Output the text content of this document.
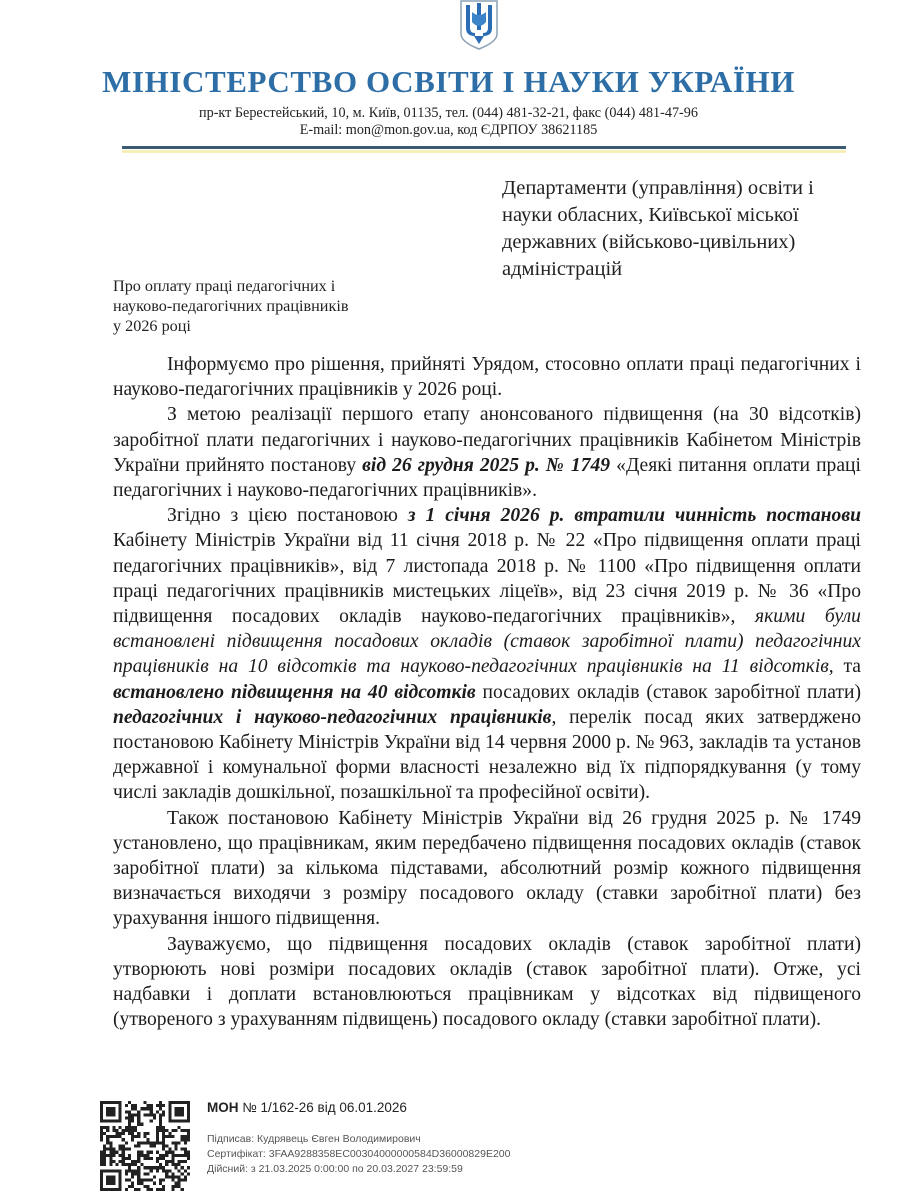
МІНІСТЕРСТВО ОСВІТИ І НАУКИ УКРАЇНИ
пр-кт Берестейський, 10, м. Київ, 01135, тел. (044) 481-32-21, факс (044) 481-47-96
E-mail: mon@mon.gov.ua, код ЄДРПОУ 38621185
Департаменти (управління) освіти і
науки обласних, Київської міської
державних (військово-цивільних)
адміністрацій
Про оплату праці педагогічних і
науково-педагогічних працівників
у 2026 році

Інформуємо про рішення, прийняті Урядом, стосовно оплати праці педагогічних і науково-педагогічних працівників у 2026 році.

З метою реалізації першого етапу анонсованого підвищення (на 30 відсотків) заробітної плати педагогічних і науково-педагогічних працівників Кабінетом Міністрів України прийнято постанову від 26 грудня 2025 р. № 1749 «Деякі питання оплати праці педагогічних і науково-педагогічних працівників».

Згідно з цією постановою з 1 січня 2026 р. втратили чинність постанови Кабінету Міністрів України від 11 січня 2018 р. № 22 «Про підвищення оплати праці педагогічних працівників», від 7 листопада 2018 р. № 1100 «Про підвищення оплати праці педагогічних працівників мистецьких ліцеїв», від 23 січня 2019 р. № 36 «Про підвищення посадових окладів науково-педагогічних працівників», якими були встановлені підвищення посадових окладів (ставок заробітної плати) педагогічних працівників на 10 відсотків та науково-педагогічних працівників на 11 відсотків, та встановлено підвищення на 40 відсотків посадових окладів (ставок заробітної плати) педагогічних і науково-педагогічних працівників, перелік посад яких затверджено постановою Кабінету Міністрів України від 14 червня 2000 р. № 963, закладів та установ державної і комунальної форми власності незалежно від їх підпорядкування (у тому числі закладів дошкільної, позашкільної та професійної освіти).

Також постановою Кабінету Міністрів України від 26 грудня 2025 р. № 1749 установлено, що працівникам, яким передбачено підвищення посадових окладів (ставок заробітної плати) за кількома підставами, абсолютний розмір кожного підвищення визначається виходячи з розміру посадового окладу (ставки заробітної плати) без урахування іншого підвищення.

Зауважуємо, що підвищення посадових окладів (ставок заробітної плати) утворюють нові розміри посадових окладів (ставок заробітної плати). Отже, усі надбавки і доплати встановлюються працівникам у відсотках від підвищеного (утвореного з урахуванням підвищень) посадового окладу (ставки заробітної плати).

МОН № 1/162-26 від 06.01.2026
Підписав: Кудрявець Євген Володимирович
Сертифікат: 3FAA9288358EC00304000000584D36000829E200
Дійсний: з 21.03.2025 0:00:00 по 20.03.2027 23:59:59
